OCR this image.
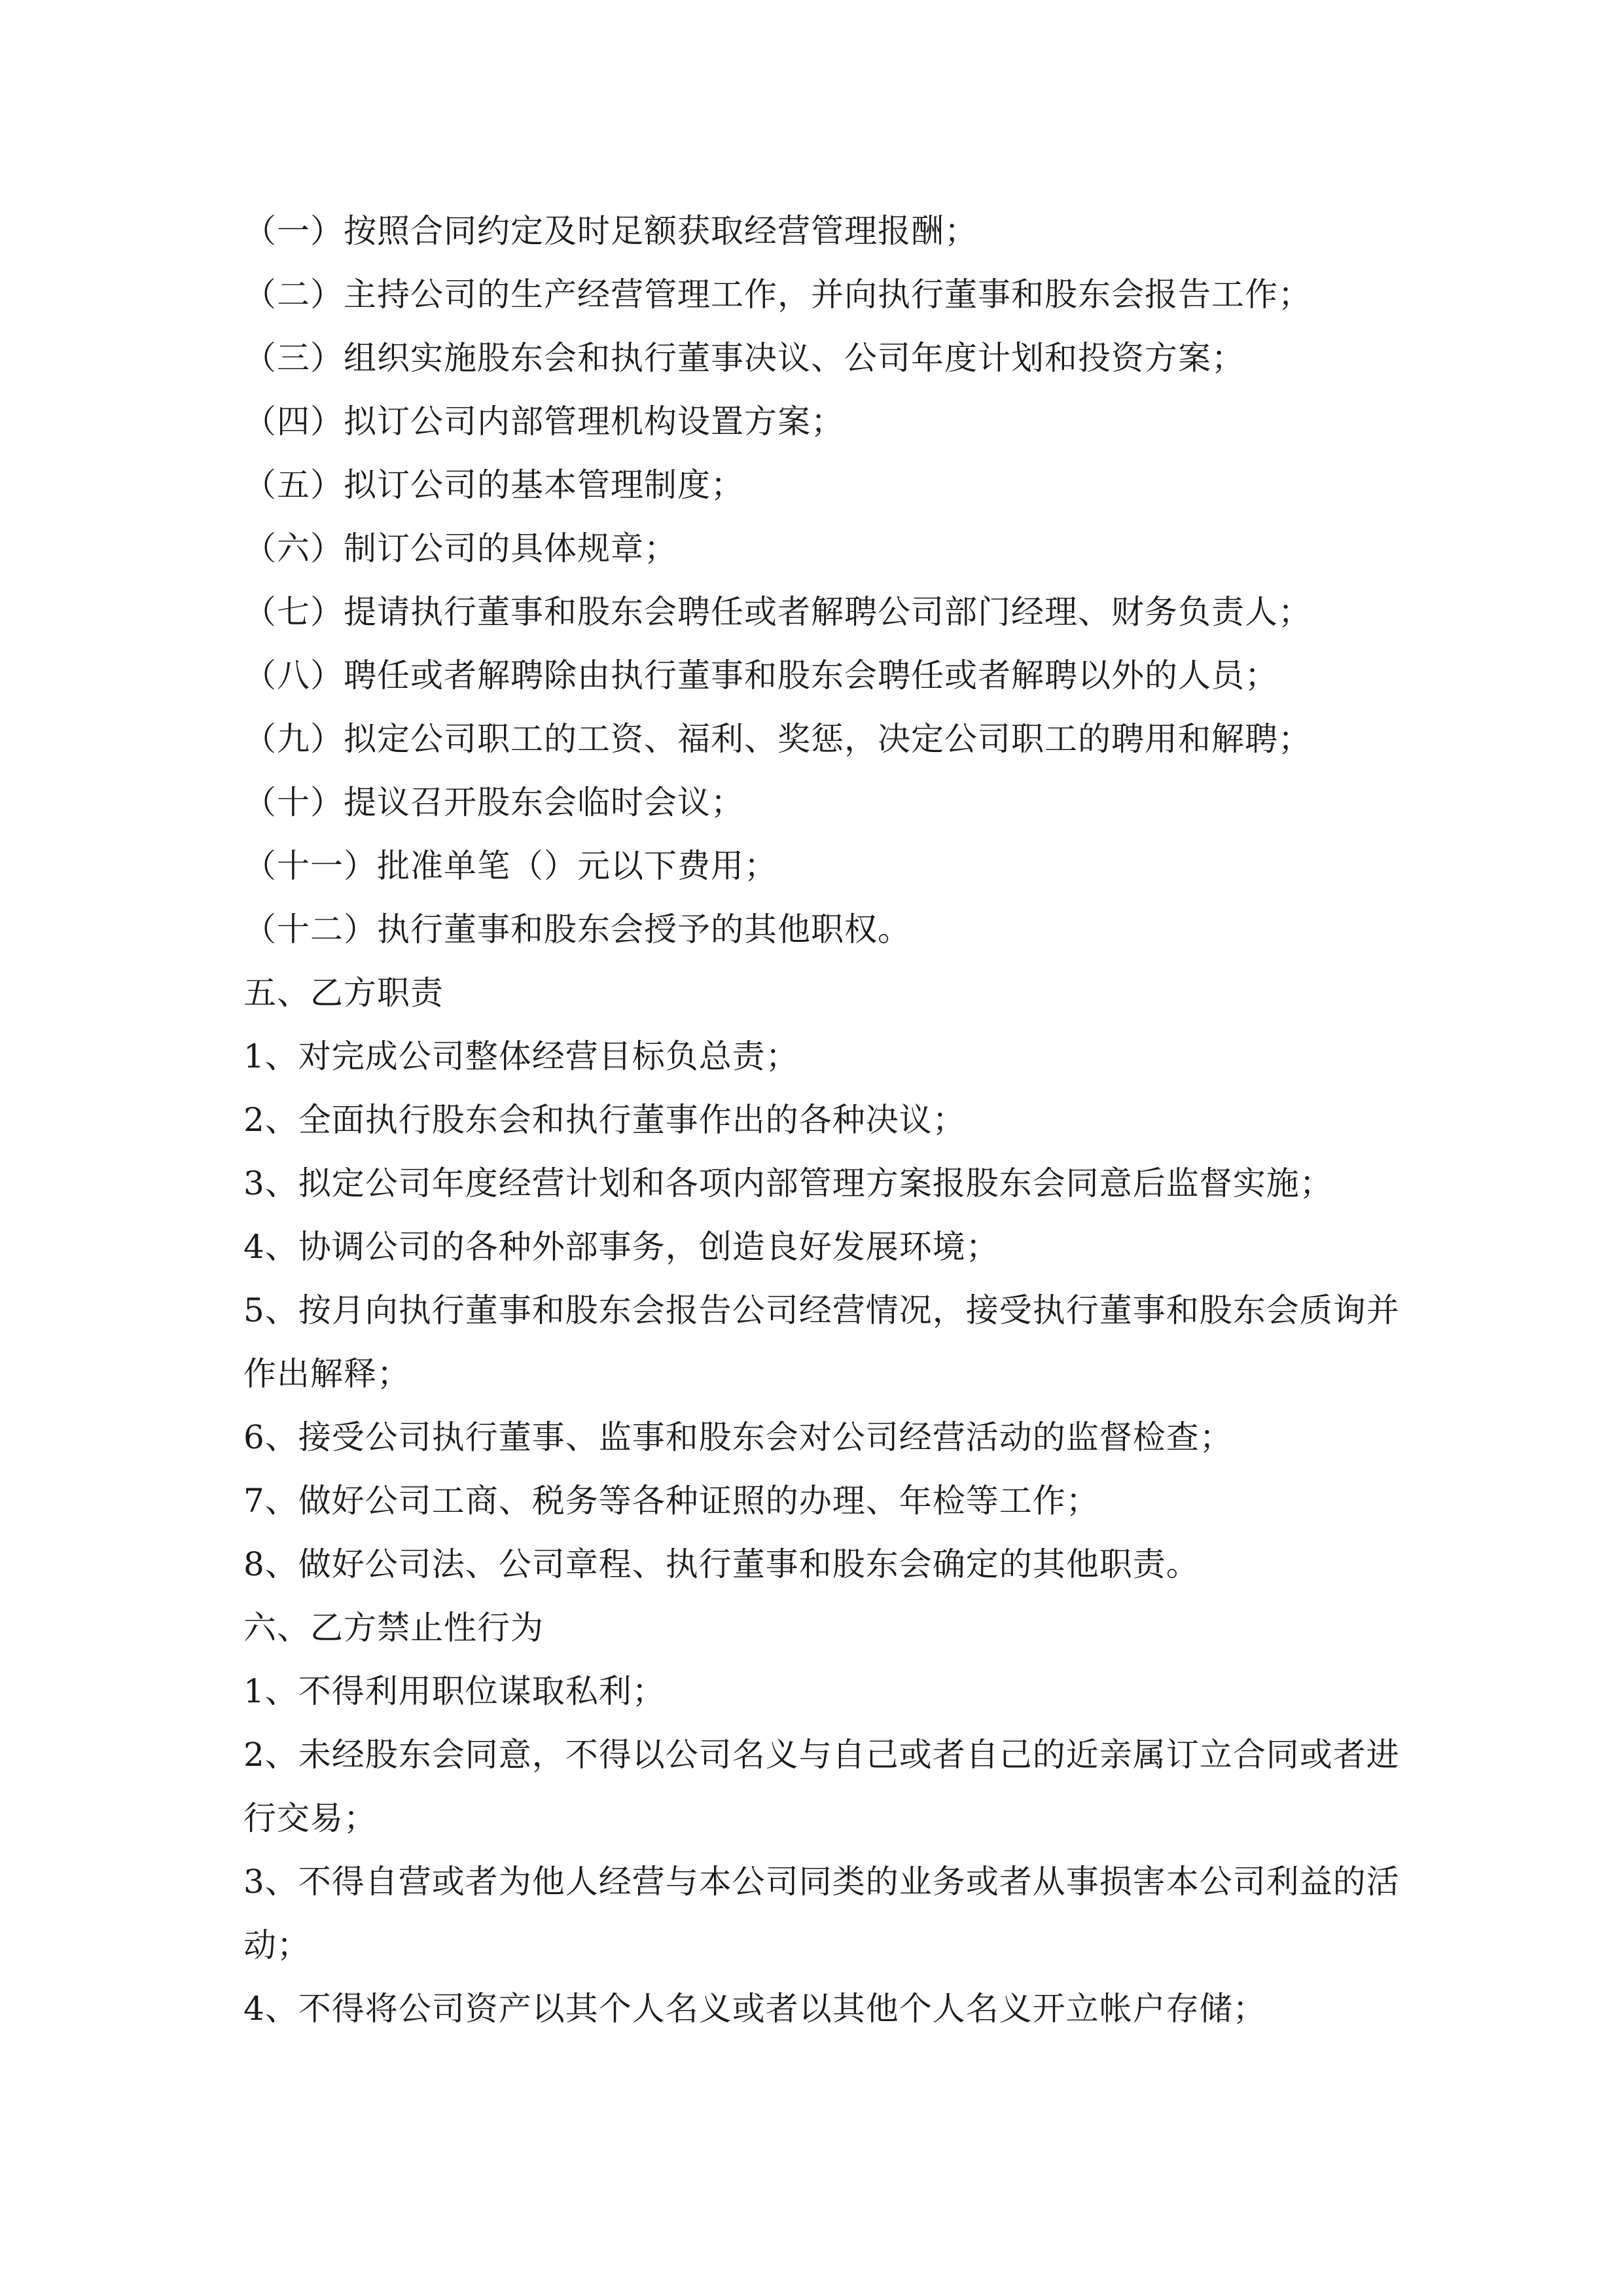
（一）按照合同约定及时足额获取经营管理报酬；

（二）主持公司的生产经营管理工作，并向执行董事和股东会报告工作；

（三）组织实施股东会和执行董事决议、公司年度计划和投资方案；

（四）拟订公司内部管理机构设置方案；

（五）拟订公司的基本管理制度；

（六）制订公司的具体规章；

（七）提请执行董事和股东会聘任或者解聘公司部门经理、财务负责人；

（八）聘任或者解聘除由执行董事和股东会聘任或者解聘以外的人员；

（九）拟定公司职工的工资、福利、奖惩，决定公司职工的聘用和解聘；

（十）提议召开股东会临时会议；

（十一）批准单笔（）元以下费用；

（十二）执行董事和股东会授予的其他职权。

五、乙方职责

1、对完成公司整体经营目标负总责；

2、全面执行股东会和执行董事作出的各种决议；

3、拟定公司年度经营计划和各项内部管理方案报股东会同意后监督实施；

4、协调公司的各种外部事务，创造良好发展环境；

5、按月向执行董事和股东会报告公司经营情况，接受执行董事和股东会质询并

作出解释；

6、接受公司执行董事、监事和股东会对公司经营活动的监督检查；

7、做好公司工商、税务等各种证照的办理、年检等工作；

8、做好公司法、公司章程、执行董事和股东会确定的其他职责。

六、乙方禁止性行为

1、不得利用职位谋取私利；

2、未经股东会同意，不得以公司名义与自己或者自己的近亲属订立合同或者进

行交易；

3、不得自营或者为他人经营与本公司同类的业务或者从事损害本公司利益的活

动；

4、不得将公司资产以其个人名义或者以其他个人名义开立帐户存储；
